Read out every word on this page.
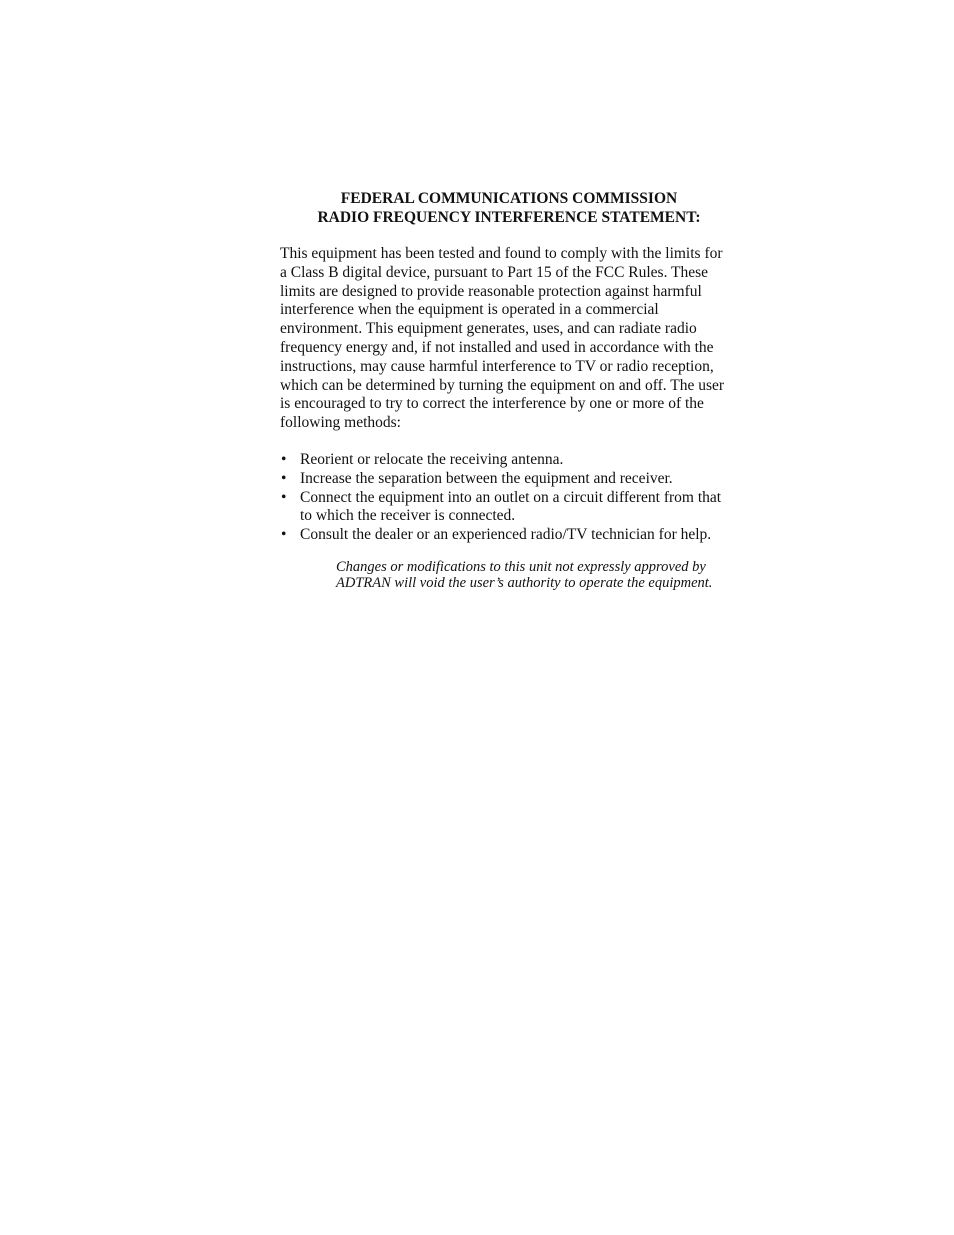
FEDERAL COMMUNICATIONS COMMISSION
RADIO FREQUENCY INTERFERENCE STATEMENT:

This equipment has been tested and found to comply with the limits for a Class B digital device, pursuant to Part 15 of the FCC Rules. These limits are designed to provide reasonable protection against harmful interference when the equipment is operated in a commercial environment. This equipment generates, uses, and can radiate radio frequency energy and, if not installed and used in accordance with the instructions, may cause harmful interference to TV or radio reception, which can be determined by turning the equipment on and off. The user is encouraged to try to correct the interference by one or more of the following methods:

• Reorient or relocate the receiving antenna.
• Increase the separation between the equipment and receiver.
• Connect the equipment into an outlet on a circuit different from that to which the receiver is connected.
• Consult the dealer or an experienced radio/TV technician for help.

Changes or modifications to this unit not expressly approved by ADTRAN will void the user’s authority to operate the equipment.
